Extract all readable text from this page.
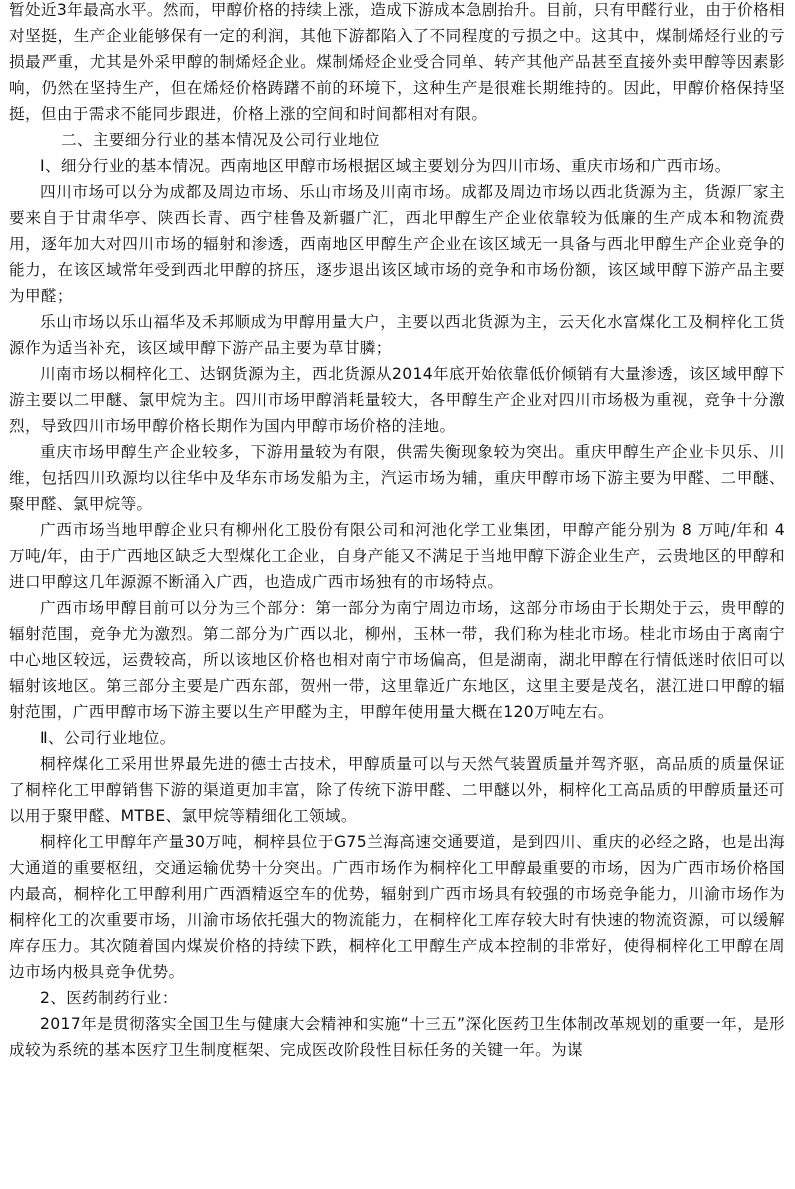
暂处近3年最高水平。然而，甲醇价格的持续上涨，造成下游成本急剧抬升。目前，只有甲醛行业，由于价格相对坚挺，生产企业能够保有一定的利润，其他下游都陷入了不同程度的亏损之中。这其中，煤制烯烃行业的亏损最严重，尤其是外采甲醇的制烯烃企业。煤制烯烃企业受合同单、转产其他产品甚至直接外卖甲醇等因素影响，仍然在坚持生产，但在烯烃价格踌躇不前的环境下，这种生产是很难长期维持的。因此，甲醇价格保持坚挺，但由于需求不能同步跟进，价格上涨的空间和时间都相对有限。

二、主要细分行业的基本情况及公司行业地位

Ⅰ、细分行业的基本情况。西南地区甲醇市场根据区域主要划分为四川市场、重庆市场和广西市场。

四川市场可以分为成都及周边市场、乐山市场及川南市场。成都及周边市场以西北货源为主，货源厂家主要来自于甘肃华亭、陕西长青、西宁桂鲁及新疆广汇，西北甲醇生产企业依靠较为低廉的生产成本和物流费用，逐年加大对四川市场的辐射和渗透，西南地区甲醇生产企业在该区域无一具备与西北甲醇生产企业竞争的能力，在该区域常年受到西北甲醇的挤压，逐步退出该区域市场的竞争和市场份额，该区域甲醇下游产品主要为甲醛；

乐山市场以乐山福华及禾邦顺成为甲醇用量大户，主要以西北货源为主，云天化水富煤化工及桐梓化工货源作为适当补充，该区域甲醇下游产品主要为草甘膦；

川南市场以桐梓化工、达钢货源为主，西北货源从2014年底开始依靠低价倾销有大量渗透，该区域甲醇下游主要以二甲醚、氯甲烷为主。四川市场甲醇消耗量较大，各甲醇生产企业对四川市场极为重视，竞争十分激烈，导致四川市场甲醇价格长期作为国内甲醇市场价格的洼地。

重庆市场甲醇生产企业较多，下游用量较为有限，供需失衡现象较为突出。重庆甲醇生产企业卡贝乐、川维，包括四川玖源均以往华中及华东市场发船为主，汽运市场为辅，重庆甲醇市场下游主要为甲醛、二甲醚、聚甲醛、氯甲烷等。

广西市场当地甲醇企业只有柳州化工股份有限公司和河池化学工业集团，甲醇产能分别为 8 万吨/年和 4 万吨/年，由于广西地区缺乏大型煤化工企业，自身产能又不满足于当地甲醇下游企业生产，云贵地区的甲醇和进口甲醇这几年源源不断涌入广西，也造成广西市场独有的市场特点。

广西市场甲醇目前可以分为三个部分：第一部分为南宁周边市场，这部分市场由于长期处于云，贵甲醇的辐射范围，竞争尤为激烈。第二部分为广西以北，柳州，玉林一带，我们称为桂北市场。桂北市场由于离南宁中心地区较远，运费较高，所以该地区价格也相对南宁市场偏高，但是湖南，湖北甲醇在行情低迷时依旧可以辐射该地区。第三部分主要是广西东部，贺州一带，这里靠近广东地区，这里主要是茂名，湛江进口甲醇的辐射范围，广西甲醇市场下游主要以生产甲醛为主，甲醇年使用量大概在120万吨左右。

Ⅱ、公司行业地位。

桐梓煤化工采用世界最先进的德士古技术，甲醇质量可以与天然气装置质量并驾齐驱，高品质的质量保证了桐梓化工甲醇销售下游的渠道更加丰富，除了传统下游甲醛、二甲醚以外，桐梓化工高品质的甲醇质量还可以用于聚甲醛、MTBE、氯甲烷等精细化工领域。

桐梓化工甲醇年产量30万吨，桐梓县位于G75兰海高速交通要道，是到四川、重庆的必经之路，也是出海大通道的重要枢纽，交通运输优势十分突出。广西市场作为桐梓化工甲醇最重要的市场，因为广西市场价格国内最高，桐梓化工甲醇利用广西酒精返空车的优势，辐射到广西市场具有较强的市场竞争能力，川渝市场作为桐梓化工的次重要市场，川渝市场依托强大的物流能力，在桐梓化工库存较大时有快速的物流资源，可以缓解库存压力。其次随着国内煤炭价格的持续下跌，桐梓化工甲醇生产成本控制的非常好，使得桐梓化工甲醇在周边市场内极具竞争优势。

2、医药制药行业：

2017年是贯彻落实全国卫生与健康大会精神和实施“十三五”深化医药卫生体制改革规划的重要一年，是形成较为系统的基本医疗卫生制度框架、完成医改阶段性目标任务的关键一年。为谋
